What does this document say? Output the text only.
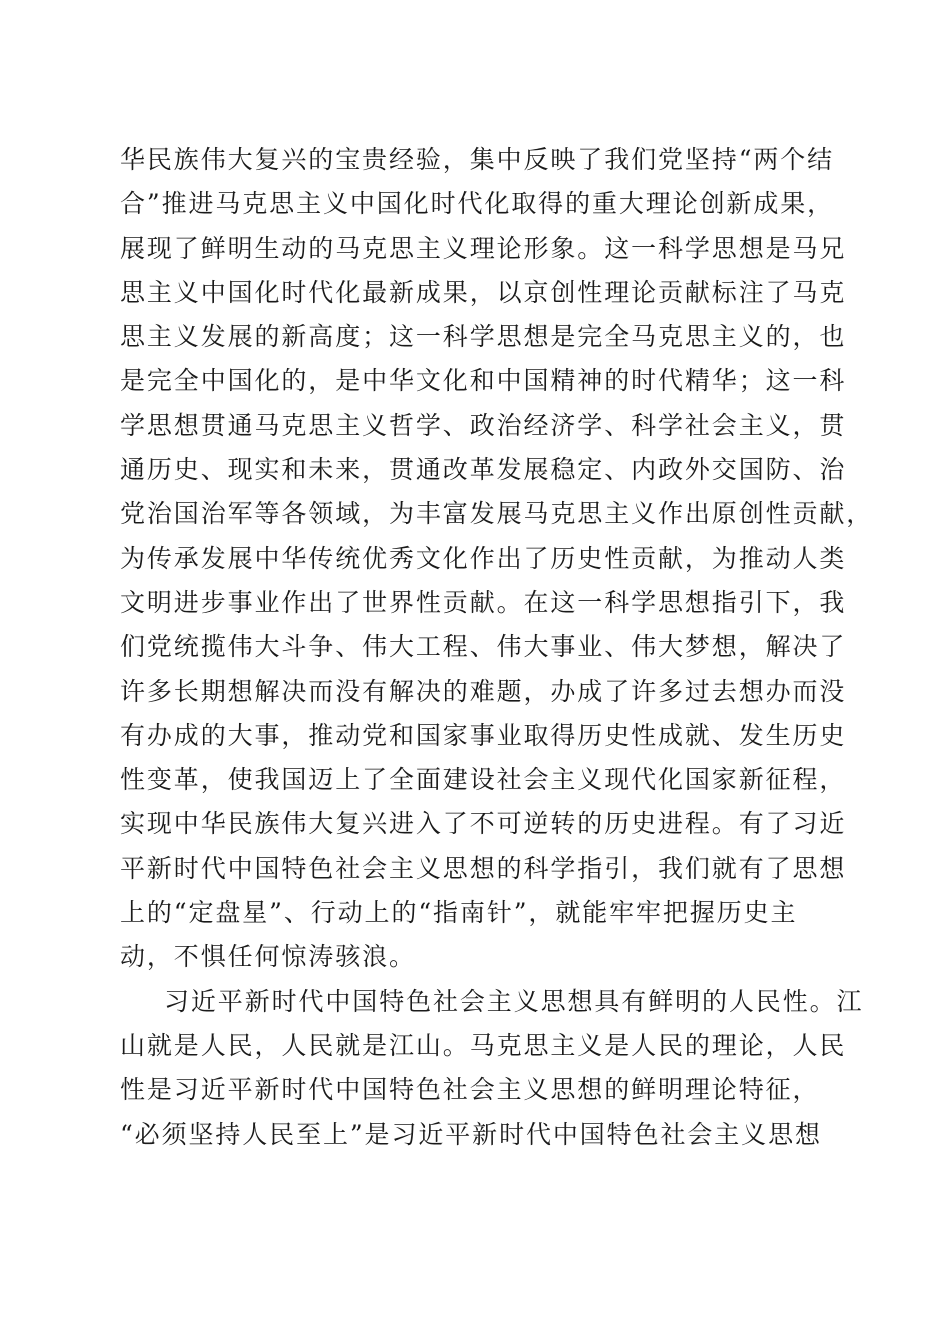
华民族伟大复兴的宝贵经验，集中反映了我们党坚持“两个结
合”推进马克思主义中国化时代化取得的重大理论创新成果，
展现了鲜明生动的马克思主义理论形象。这一科学思想是马兄
思主义中国化时代化最新成果，以京创性理论贡献标注了马克
思主义发展的新高度；这一科学思想是完全马克思主义的，也
是完全中国化的，是中华文化和中国精神的时代精华；这一科
学思想贯通马克思主义哲学、政治经济学、科学社会主义，贯
通历史、现实和未来，贯通改革发展稳定、内政外交国防、治
党治国治军等各领域，为丰富发展马克思主义作出原创性贡献，
为传承发展中华传统优秀文化作出了历史性贡献，为推动人类
文明进步事业作出了世界性贡献。在这一科学思想指引下，我
们党统揽伟大斗争、伟大工程、伟大事业、伟大梦想，解决了
许多长期想解决而没有解决的难题，办成了许多过去想办而没
有办成的大事，推动党和国家事业取得历史性成就、发生历史
性变革，使我国迈上了全面建设社会主义现代化国家新征程，
实现中华民族伟大复兴进入了不可逆转的历史进程。有了习近
平新时代中国特色社会主义思想的科学指引，我们就有了思想
上的“定盘星”、行动上的“指南针”，就能牢牢把握历史主
动，不惧任何惊涛骇浪。
习近平新时代中国特色社会主义思想具有鲜明的人民性。江
山就是人民，人民就是江山。马克思主义是人民的理论，人民
性是习近平新时代中国特色社会主义思想的鲜明理论特征，
“必须坚持人民至上”是习近平新时代中国特色社会主义思想
